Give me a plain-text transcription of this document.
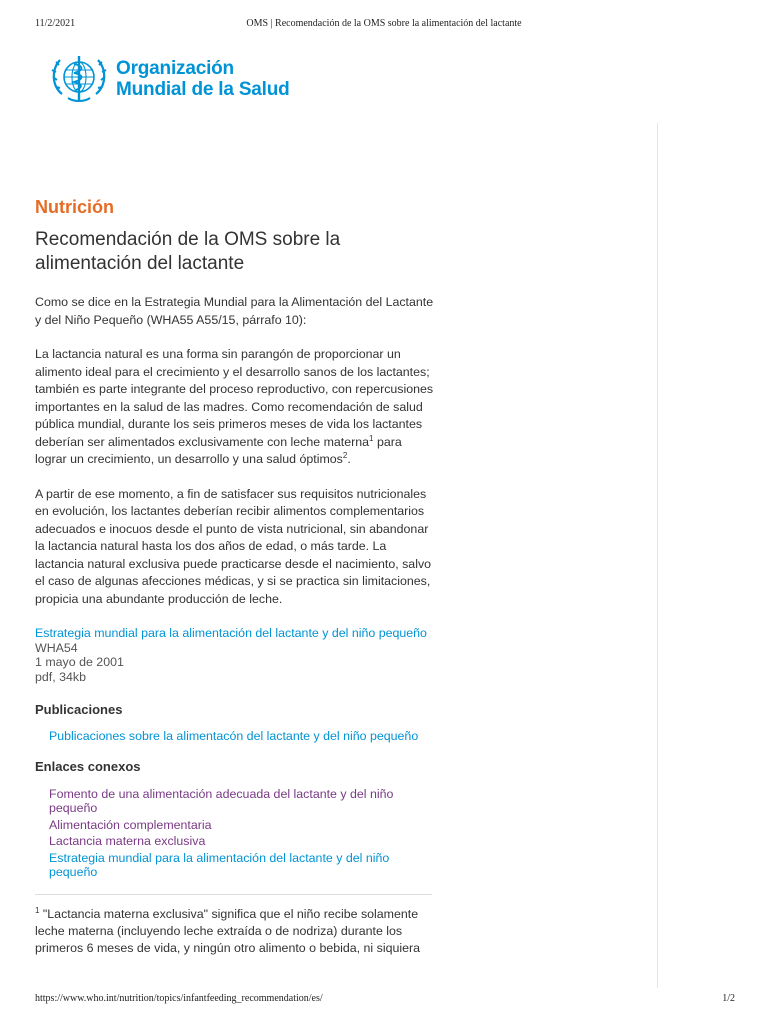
11/2/2021	OMS | Recomendación de la OMS sobre la alimentación del lactante
Organización
Mundial de la Salud
Nutrición
Recomendación de la OMS sobre la alimentación del lactante

Como se dice en la Estrategia Mundial para la Alimentación del Lactante y del Niño Pequeño (WHA55 A55/15, párrafo 10):

La lactancia natural es una forma sin parangón de proporcionar un alimento ideal para el crecimiento y el desarrollo sanos de los lactantes; también es parte integrante del proceso reproductivo, con repercusiones importantes en la salud de las madres. Como recomendación de salud pública mundial, durante los seis primeros meses de vida los lactantes deberían ser alimentados exclusivamente con leche materna$^1$ para lograr un crecimiento, un desarrollo y una salud óptimos$^2$.

A partir de ese momento, a fin de satisfacer sus requisitos nutricionales en evolución, los lactantes deberían recibir alimentos complementarios adecuados e inocuos desde el punto de vista nutricional, sin abandonar la lactancia natural hasta los dos años de edad, o más tarde. La lactancia natural exclusiva puede practicarse desde el nacimiento, salvo el caso de algunas afecciones médicas, y si se practica sin limitaciones, propicia una abundante producción de leche.

Estrategia mundial para la alimentación del lactante y del niño pequeño
WHA54
1 mayo de 2001
pdf, 34kb
Publicaciones
Publicaciones sobre la alimentacón del lactante y del niño pequeño
Enlaces conexos
Fomento de una alimentación adecuada del lactante y del niño pequeño
Alimentación complementaria
Lactancia materna exclusiva
Estrategia mundial para la alimentación del lactante y del niño pequeño

$^1$ "Lactancia materna exclusiva" significa que el niño recibe solamente leche materna (incluyendo leche extraída o de nodriza) durante los primeros 6 meses de vida, y ningún otro alimento o bebida, ni siquiera

https://www.who.int/nutrition/topics/infantfeeding_recommendation/es/	1/2
